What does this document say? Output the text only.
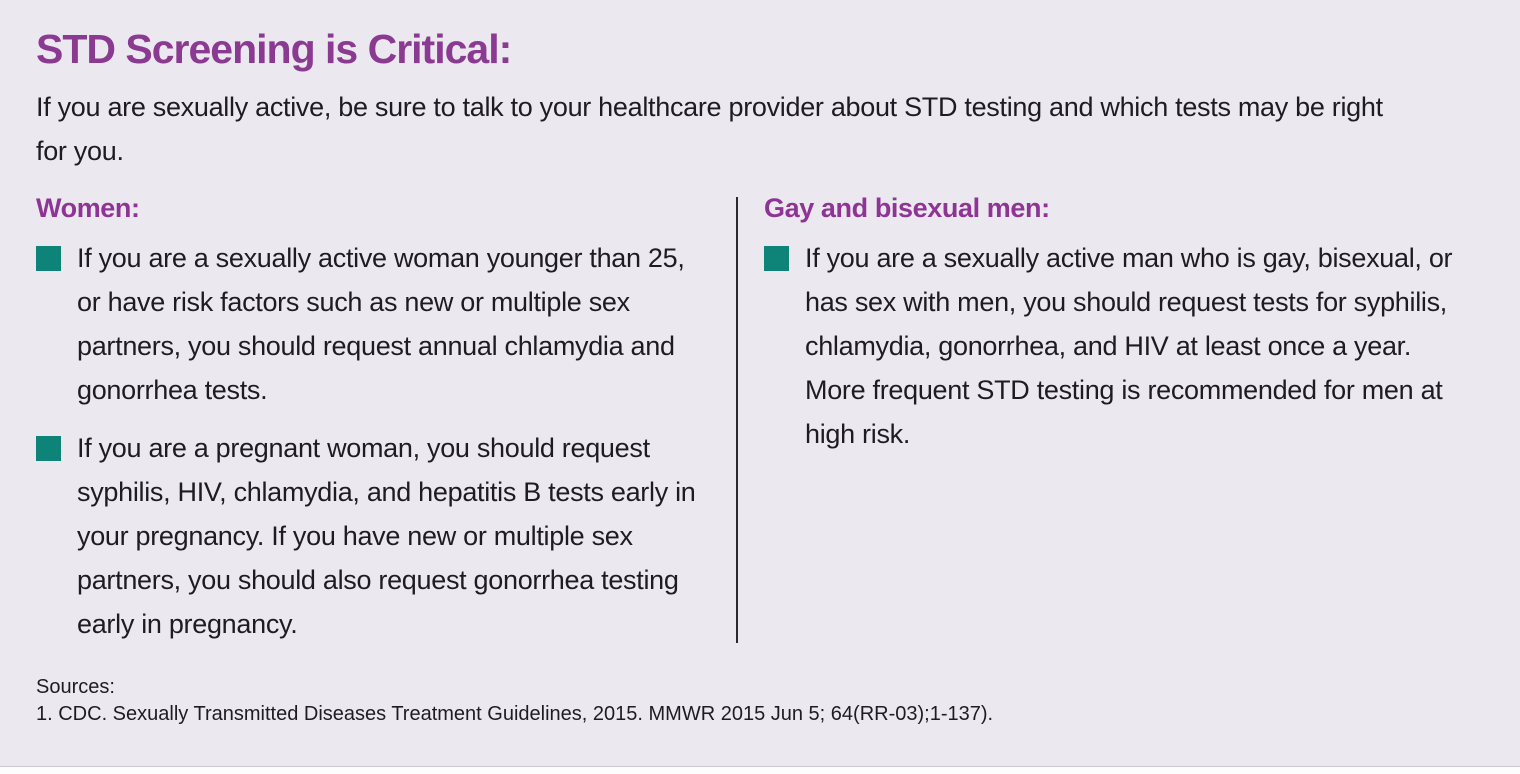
STD Screening is Critical:

If you are sexually active, be sure to talk to your healthcare provider about STD testing and which tests may be right for you.

Women:

If you are a sexually active woman younger than 25, or have risk factors such as new or multiple sex partners, you should request annual chlamydia and gonorrhea tests.

If you are a pregnant woman, you should request syphilis, HIV, chlamydia, and hepatitis B tests early in your pregnancy. If you have new or multiple sex partners, you should also request gonorrhea testing early in pregnancy.

Gay and bisexual men:

If you are a sexually active man who is gay, bisexual, or has sex with men, you should request tests for syphilis, chlamydia, gonorrhea, and HIV at least once a year. More frequent STD testing is recommended for men at high risk.

Sources:

1. CDC. Sexually Transmitted Diseases Treatment Guidelines, 2015. MMWR 2015 Jun 5; 64(RR-03);1-137).
